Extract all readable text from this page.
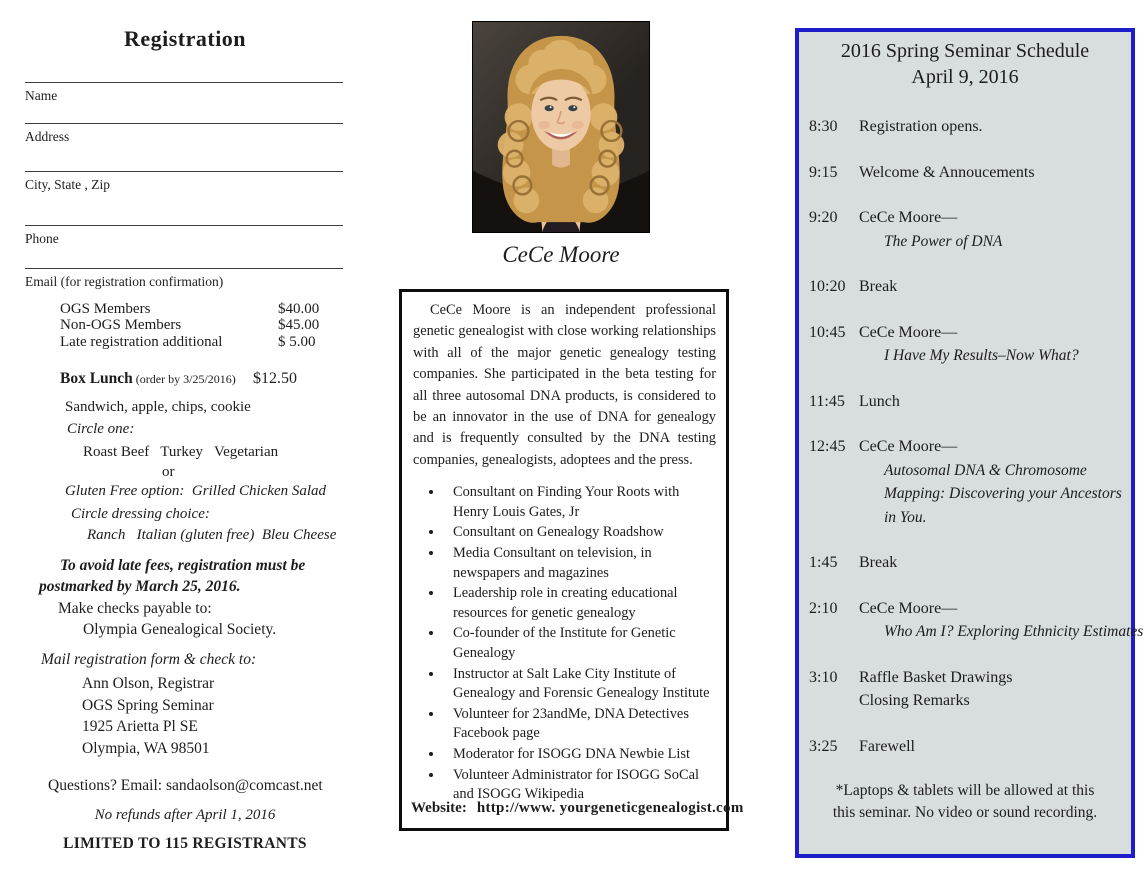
Registration
Name
Address
City, State , Zip
Phone
Email (for registration confirmation)
OGS Members	$40.00
Non-OGS Members	$45.00
Late registration additional	$ 5.00
Box Lunch (order by 3/25/2016)	$12.50
Sandwich, apple, chips, cookie
Circle one:
Roast Beef   Turkey   Vegetarian
or
Gluten Free option:  Grilled Chicken Salad
Circle dressing choice:
Ranch   Italian (gluten free)  Bleu Cheese
To avoid late fees, registration must be
postmarked by March 25, 2016.
Make checks payable to:
Olympia Genealogical Society.
Mail registration form & check to:
Ann Olson, Registrar
OGS Spring Seminar
1925 Arietta Pl SE
Olympia, WA 98501
Questions? Email: sandaolson@comcast.net
No refunds after April 1, 2016
LIMITED TO 115 REGISTRANTS
CeCe Moore

CeCe Moore is an independent professional genetic genealogist with close working relationships with all of the major genetic genealogy testing companies. She participated in the beta testing for all three autosomal DNA products, is considered to be an innovator in the use of DNA for genealogy and is frequently consulted by the DNA testing companies, genealogists, adoptees and the press.

• Consultant on Finding Your Roots with Henry Louis Gates, Jr
• Consultant on Genealogy Roadshow
• Media Consultant on television, in newspapers and magazines
• Leadership role in creating educational resources for genetic genealogy
• Co-founder of the Institute for Genetic Genealogy
• Instructor at Salt Lake City Institute of Genealogy and Forensic Genealogy Institute
• Volunteer for 23andMe, DNA Detectives Facebook page
• Moderator for ISOGG DNA Newbie List
• Volunteer Administrator for ISOGG SoCal and ISOGG Wikipedia
Website: http://www. yourgeneticgenealogist.com
2016 Spring Seminar Schedule
April 9, 2016
8:30	Registration opens.
9:15	Welcome & Annoucements
9:20	CeCe Moore—
The Power of DNA
10:20 Break
10:45 CeCe Moore—
I Have My Results–Now What?
11:45 Lunch
12:45 CeCe Moore—
Autosomal DNA & Chromosome
Mapping: Discovering your Ancestors
in You.
1:45	Break
2:10	CeCe Moore—
Who Am I? Exploring Ethnicity Estimates
3:10	Raffle Basket Drawings
Closing Remarks
3:25	Farewell
*Laptops & tablets will be allowed at this
this seminar. No video or sound recording.
